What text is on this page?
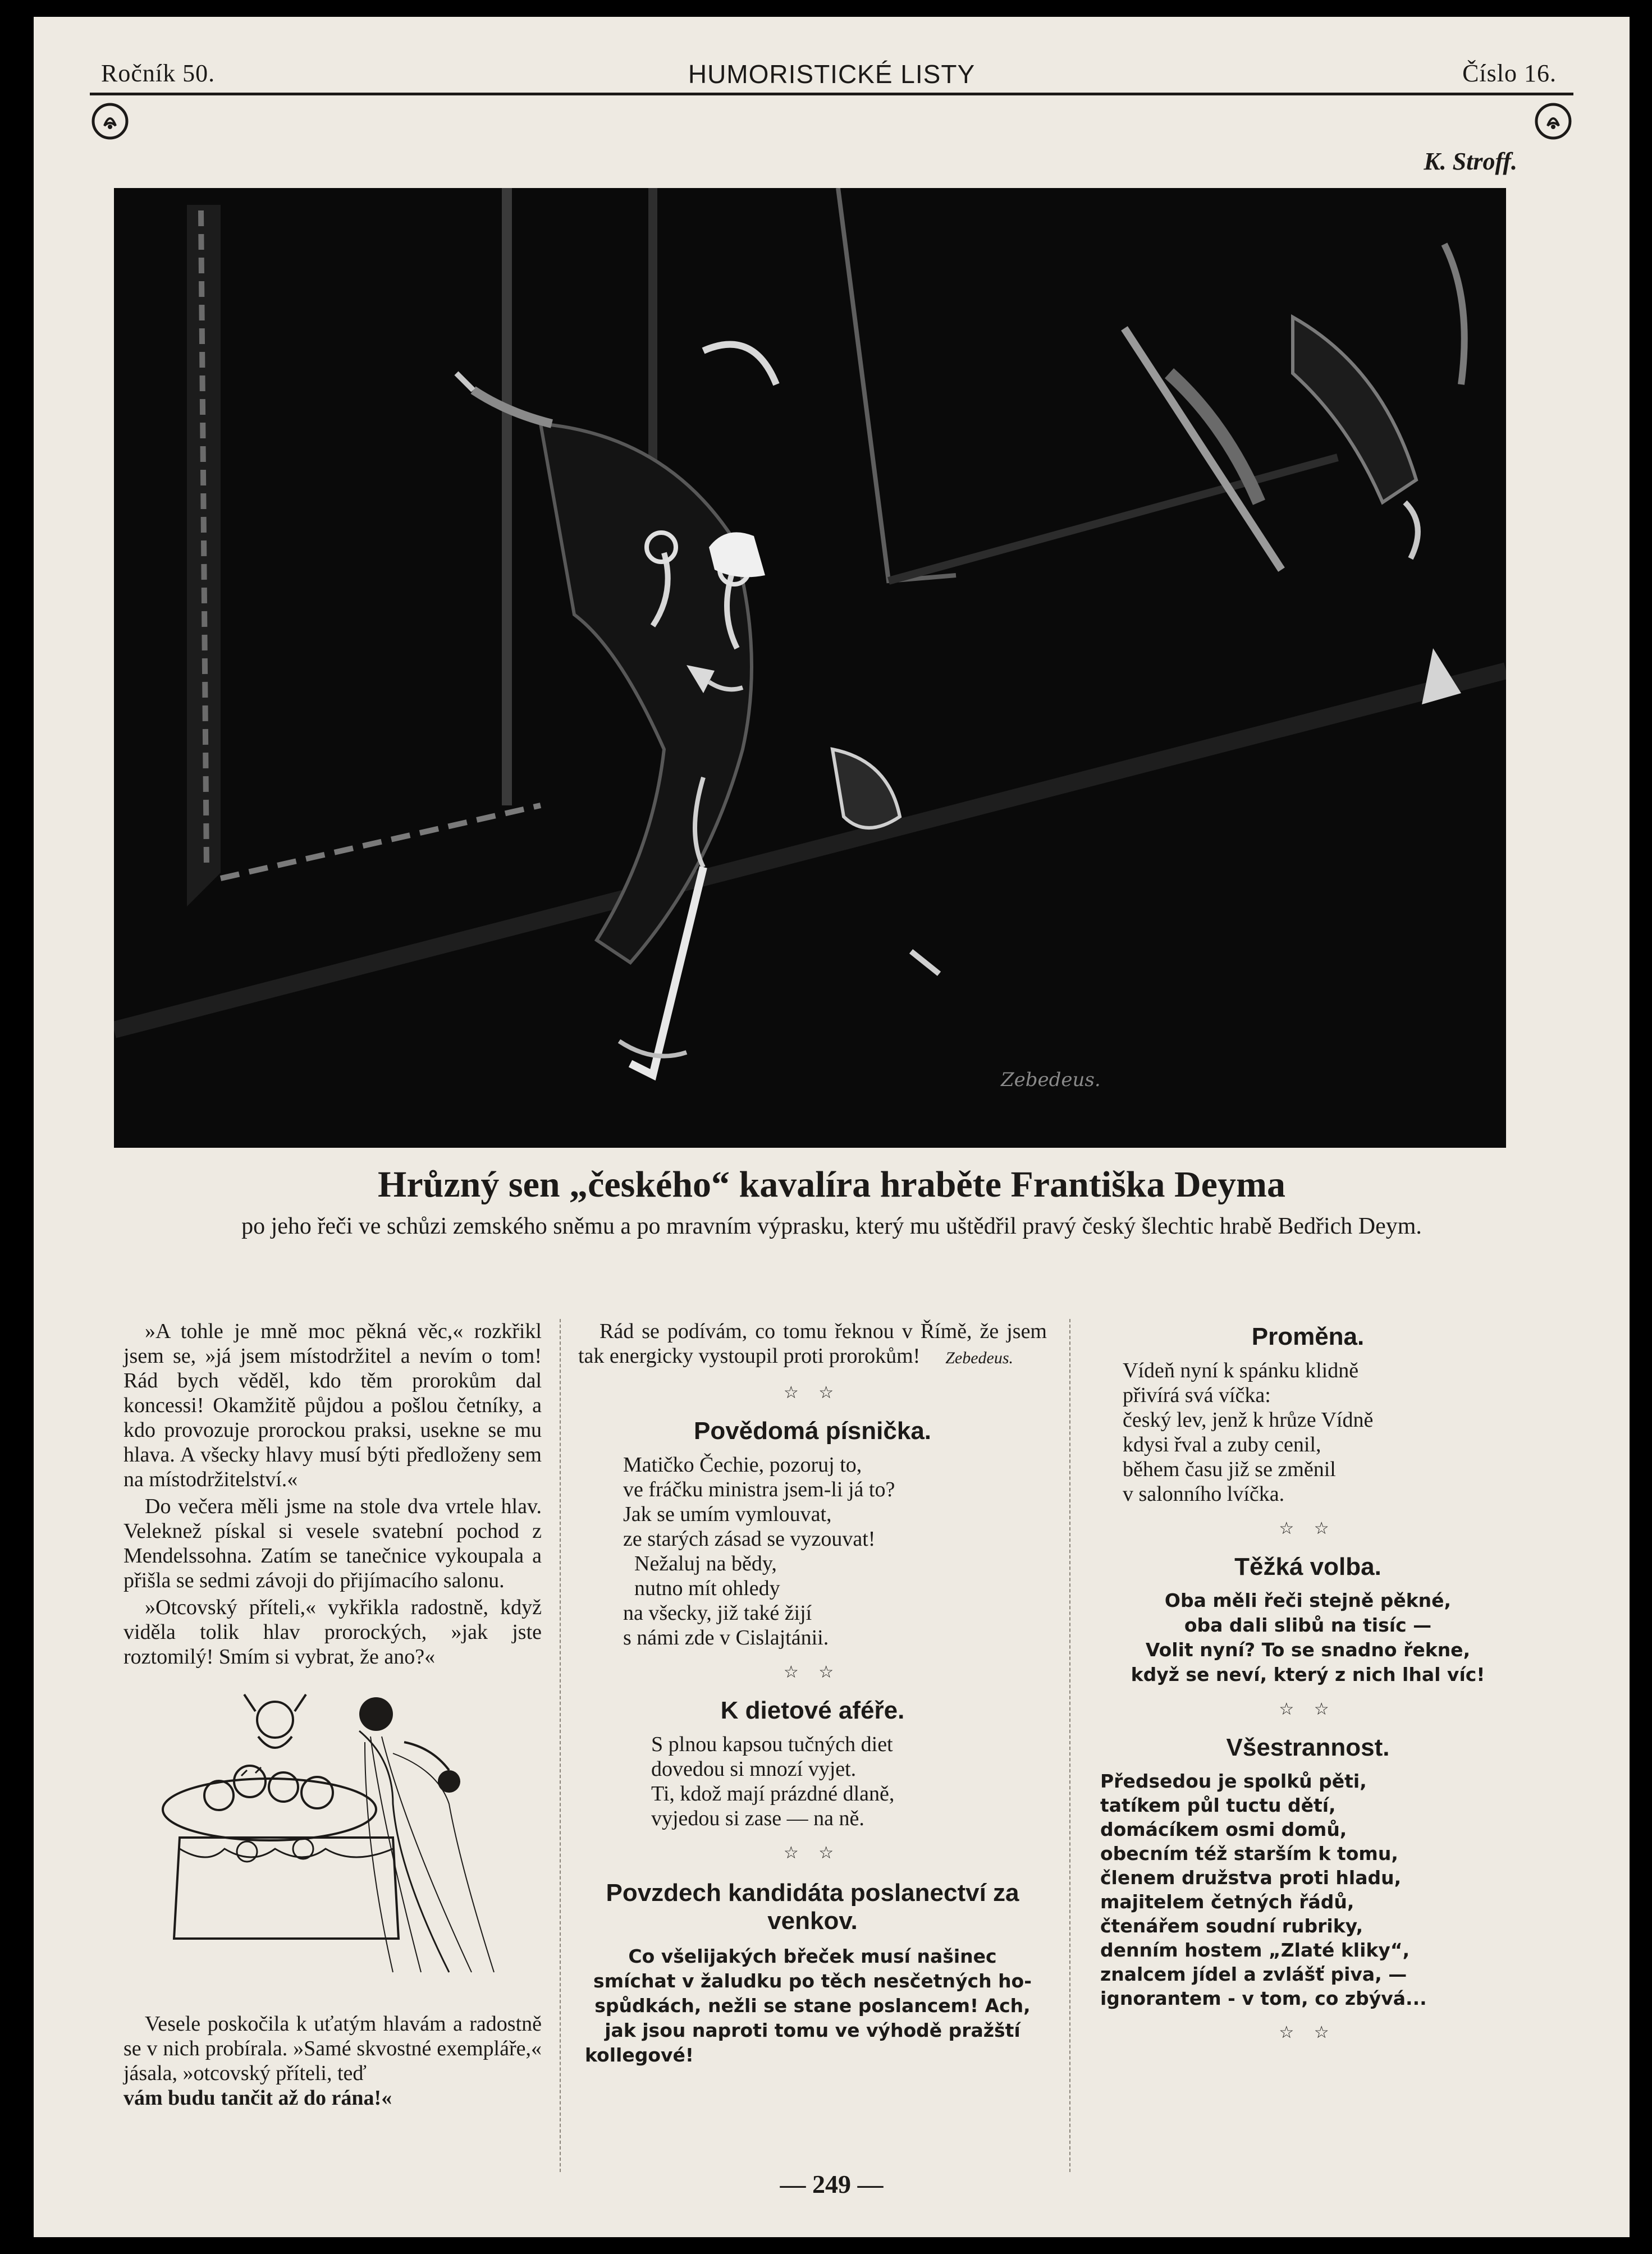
Ročník 50.	HUMORISTICKÉ LISTY	Číslo 16.
K. Stroff.
Zebedeus.
Hrůzný sen „českého“ kavalíra hraběte Františka Deyma
po jeho řeči ve schůzi zemského sněmu a po mravním výprasku, který mu uštědřil pravý český šlechtic hrabě Bedřich Deym.

»A tohle je mně moc pěkná věc,« rozkřikl jsem se, »já jsem místodržitel a nevím o tom! Rád bych věděl, kdo těm prorokům dal koncessi! Okamžitě půjdou a pošlou četníky, a kdo provozuje prorockou praksi, usekne se mu hlava. A všecky hlavy musí býti předloženy sem na místodržitelství.«

Do večera měli jsme na stole dva vrtele hlav. Veleknež pískal si vesele svatební pochod z Mendelssohna. Zatím se tanečnice vykoupala a přišla se sedmi závoji do přijímacího salonu.

»Otcovský příteli,« vykřikla radostně, když viděla tolik hlav prorockých, »jak jste roztomilý! Smím si vybrat, že ano?«

Vesele poskočila k uťatým hlavám a radostně se v nich probírala. »Samé skvostné exempláře,« jásala, »otcovský příteli, teď

vám budu tančit až do rána!«

Rád se podívám, co tomu řeknou v Římě, že jsem tak energicky vystoupil proti prorokům!	Zebedeus.
☆ ☆
Povědomá písnička.
Matičko Čechie, pozoruj to,
ve fráčku ministra jsem-li já to?
Jak se umím vymlouvat,
ze starých zásad se vyzouvat!
Nežaluj na bědy,
nutno mít ohledy
na všecky, již také žijí
s námi zde v Cislajtánii.
☆ ☆
K dietové aféře.
S plnou kapsou tučných diet
dovedou si mnozí vyjet.
Ti, kdož mají prázdné dlaně,
vyjedou si zase — na ně.
☆ ☆
Povzdech kandidáta poslanectví za venkov.
Co všelijakých břeček musí našinec
smíchat v žaludku po těch nesčetných ho-
spůdkách, nežli se stane poslancem! Ach,
jak jsou naproti tomu ve výhodě pražští
kollegové!
Proměna.
Vídeň nyní k spánku klidně
přivírá svá víčka:
český lev, jenž k hrůze Vídně
kdysi řval a zuby cenil,
během času již se změnil
v salonního lvíčka.
☆ ☆
Těžká volba.
Oba měli řeči stejně pěkné,
oba dali slibů na tisíc —
Volit nyní? To se snadno řekne,
když se neví, který z nich lhal víc!
☆ ☆
Všestrannost.
Předsedou je spolků pěti,
tatíkem půl tuctu dětí,
domácíkem osmi domů,
obecním též starším k tomu,
členem družstva proti hladu,
majitelem četných řádů,
čtenářem soudní rubriky,
denním hostem „Zlaté kliky“,
znalcem jídel a zvlášť piva, —
ignorantem - v tom, co zbývá...
☆ ☆
— 249 —
